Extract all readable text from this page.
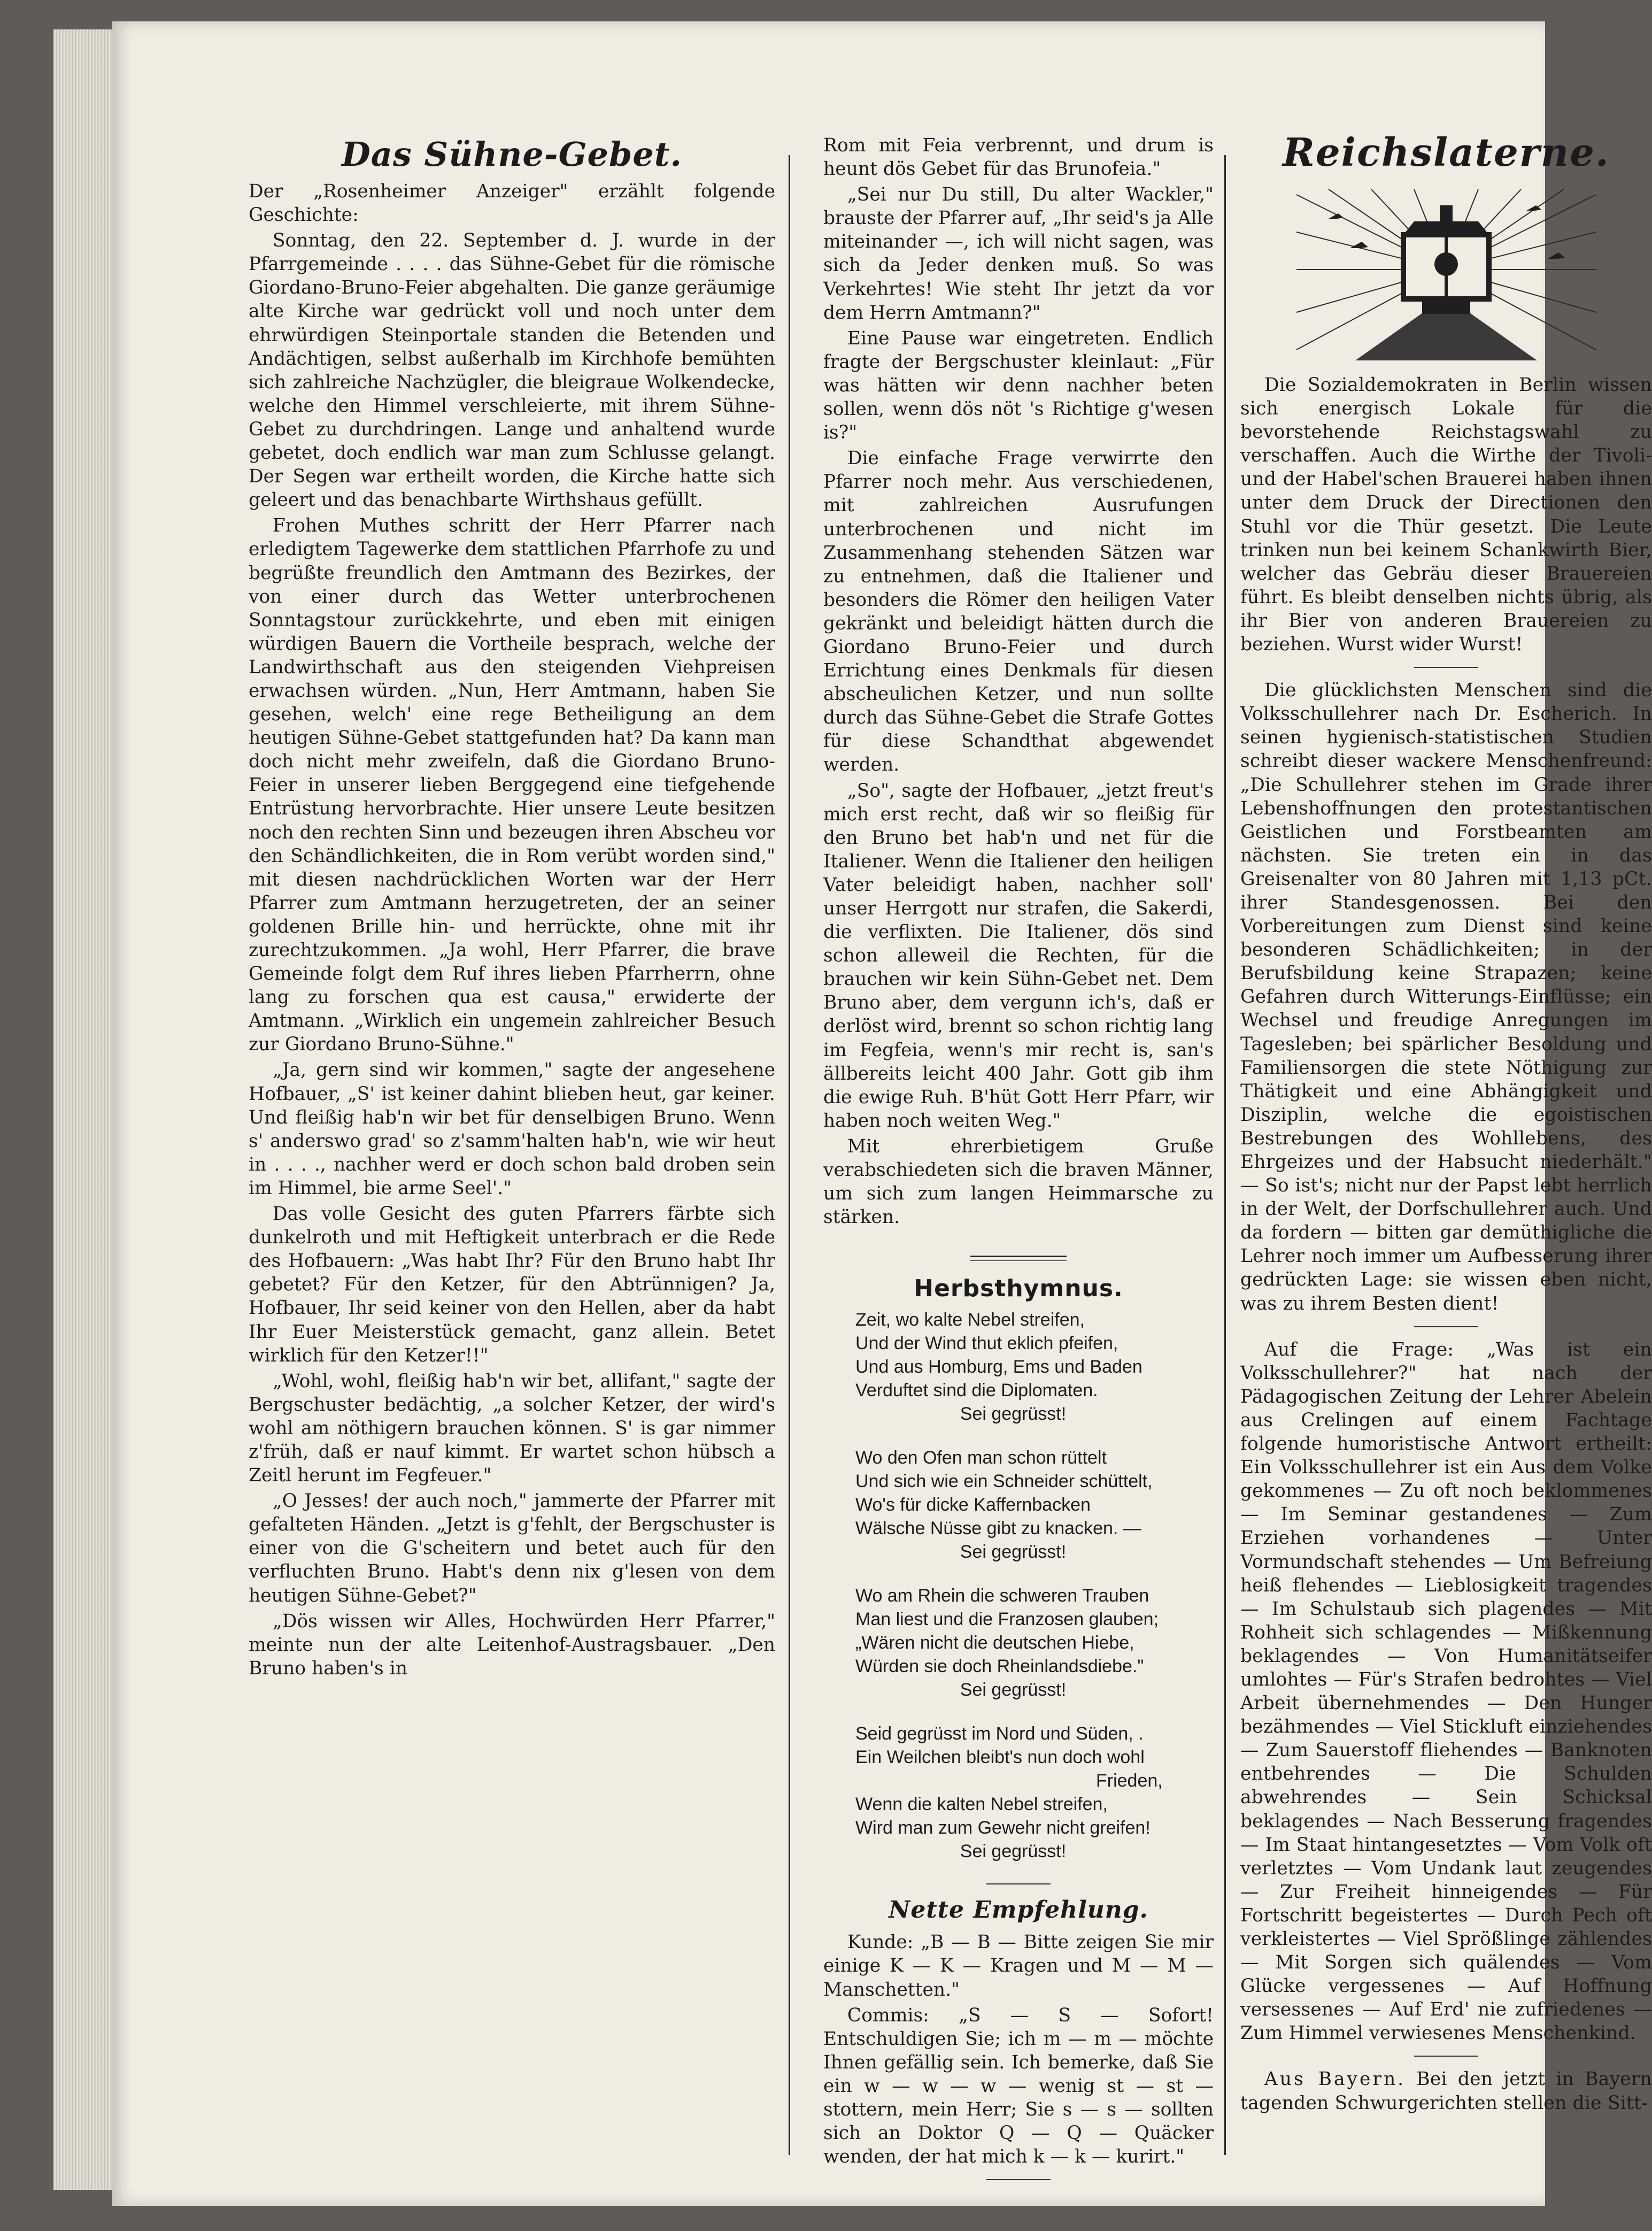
Das Sühne-Gebet.

Der „Rosenheimer Anzeiger" erzählt folgende Geschichte:

Sonntag, den 22. September d. J. wurde in der Pfarrgemeinde . . . . das Sühne-Gebet für die römische Giordano-Bruno-Feier abgehalten. Die ganze geräumige alte Kirche war gedrückt voll und noch unter dem ehrwürdigen Steinportale standen die Betenden und Andächtigen, selbst außerhalb im Kirchhofe bemühten sich zahlreiche Nachzügler, die bleigraue Wolkendecke, welche den Himmel verschleierte, mit ihrem Sühne-Gebet zu durchdringen. Lange und anhaltend wurde gebetet, doch endlich war man zum Schlusse gelangt. Der Segen war ertheilt worden, die Kirche hatte sich geleert und das benachbarte Wirthshaus gefüllt.

Frohen Muthes schritt der Herr Pfarrer nach erledigtem Tagewerke dem stattlichen Pfarrhofe zu und begrüßte freundlich den Amtmann des Bezirkes, der von einer durch das Wetter unterbrochenen Sonntagstour zurückkehrte, und eben mit einigen würdigen Bauern die Vortheile besprach, welche der Landwirthschaft aus den steigenden Viehpreisen erwachsen würden. „Nun, Herr Amtmann, haben Sie gesehen, welch' eine rege Betheiligung an dem heutigen Sühne-Gebet stattgefunden hat? Da kann man doch nicht mehr zweifeln, daß die Giordano Bruno-Feier in unserer lieben Berggegend eine tiefgehende Entrüstung hervorbrachte. Hier unsere Leute besitzen noch den rechten Sinn und bezeugen ihren Abscheu vor den Schändlichkeiten, die in Rom verübt worden sind," mit diesen nachdrücklichen Worten war der Herr Pfarrer zum Amtmann herzugetreten, der an seiner goldenen Brille hin- und herrückte, ohne mit ihr zurechtzukommen. „Ja wohl, Herr Pfarrer, die brave Gemeinde folgt dem Ruf ihres lieben Pfarrherrn, ohne lang zu forschen qua est causa," erwiderte der Amtmann. „Wirklich ein ungemein zahlreicher Besuch zur Giordano Bruno-Sühne."

„Ja, gern sind wir kommen," sagte der angesehene Hofbauer, „S' ist keiner dahint blieben heut, gar keiner. Und fleißig hab'n wir bet für denselbigen Bruno. Wenn s' anderswo grad' so z'samm'halten hab'n, wie wir heut in . . . ., nachher werd er doch schon bald droben sein im Himmel, bie arme Seel'."

Das volle Gesicht des guten Pfarrers färbte sich dunkelroth und mit Heftigkeit unterbrach er die Rede des Hofbauern: „Was habt Ihr? Für den Bruno habt Ihr gebetet? Für den Ketzer, für den Abtrünnigen? Ja, Hofbauer, Ihr seid keiner von den Hellen, aber da habt Ihr Euer Meisterstück gemacht, ganz allein. Betet wirklich für den Ketzer!!"

„Wohl, wohl, fleißig hab'n wir bet, allifant," sagte der Bergschuster bedächtig, „a solcher Ketzer, der wird's wohl am nöthigern brauchen können. S' is gar nimmer z'früh, daß er nauf kimmt. Er wartet schon hübsch a Zeitl herunt im Fegfeuer."

„O Jesses! der auch noch," jammerte der Pfarrer mit gefalteten Händen. „Jetzt is g'fehlt, der Bergschuster is einer von die G'scheitern und betet auch für den verfluchten Bruno. Habt's denn nix g'lesen von dem heutigen Sühne-Gebet?"

„Dös wissen wir Alles, Hochwürden Herr Pfarrer," meinte nun der alte Leitenhof-Austragsbauer. „Den Bruno haben's in

Rom mit Feia verbrennt, und drum is heunt dös Gebet für das Brunofeia."

„Sei nur Du still, Du alter Wackler," brauste der Pfarrer auf, „Ihr seid's ja Alle miteinander —, ich will nicht sagen, was sich da Jeder denken muß. So was Verkehrtes! Wie steht Ihr jetzt da vor dem Herrn Amtmann?"

Eine Pause war eingetreten. Endlich fragte der Bergschuster kleinlaut: „Für was hätten wir denn nachher beten sollen, wenn dös nöt 's Richtige g'wesen is?"

Die einfache Frage verwirrte den Pfarrer noch mehr. Aus verschiedenen, mit zahlreichen Ausrufungen unterbrochenen und nicht im Zusammenhang stehenden Sätzen war zu entnehmen, daß die Italiener und besonders die Römer den heiligen Vater gekränkt und beleidigt hätten durch die Giordano Bruno-Feier und durch Errichtung eines Denkmals für diesen abscheulichen Ketzer, und nun sollte durch das Sühne-Gebet die Strafe Gottes für diese Schandthat abgewendet werden.

„So", sagte der Hofbauer, „jetzt freut's mich erst recht, daß wir so fleißig für den Bruno bet hab'n und net für die Italiener. Wenn die Italiener den heiligen Vater beleidigt haben, nachher soll' unser Herrgott nur strafen, die Sakerdi, die verflixten. Die Italiener, dös sind schon alleweil die Rechten, für die brauchen wir kein Sühn-Gebet net. Dem Bruno aber, dem vergunn ich's, daß er derlöst wird, brennt so schon richtig lang im Fegfeia, wenn's mir recht is, san's ällbereits leicht 400 Jahr. Gott gib ihm die ewige Ruh. B'hüt Gott Herr Pfarr, wir haben noch weiten Weg."

Mit ehrerbietigem Gruße verabschiedeten sich die braven Männer, um sich zum langen Heimmarsche zu stärken.

Herbsthymnus.
Zeit, wo kalte Nebel streifen,
Und der Wind thut eklich pfeifen,
Und aus Homburg, Ems und Baden
Verduftet sind die Diplomaten.
Sei gegrüsst!
Wo den Ofen man schon rüttelt
Und sich wie ein Schneider schüttelt,
Wo's für dicke Kaffernbacken
Wälsche Nüsse gibt zu knacken. —
Sei gegrüsst!
Wo am Rhein die schweren Trauben
Man liest und die Franzosen glauben;
„Wären nicht die deutschen Hiebe,
Würden sie doch Rheinlandsdiebe."
Sei gegrüsst!
Seid gegrüsst im Nord und Süden, .
Ein Weilchen bleibt's nun doch wohl
Frieden,
Wenn die kalten Nebel streifen,
Wird man zum Gewehr nicht greifen!
Sei gegrüsst!
Nette Empfehlung.

Kunde: „B — B — Bitte zeigen Sie mir einige K — K — Kragen und M — M — Manschetten."

Commis: „S — S — Sofort! Entschuldigen Sie; ich m — m — möchte Ihnen gefällig sein. Ich bemerke, daß Sie ein w — w — w — wenig st — st — stottern, mein Herr; Sie s — s — sollten sich an Doktor Q — Q — Quäcker wenden, der hat mich k — k — kurirt."

Reichslaterne.

Die Sozialdemokraten in Berlin wissen sich energisch Lokale für die bevorstehende Reichstagswahl zu verschaffen. Auch die Wirthe der Tivoli- und der Habel'schen Brauerei haben ihnen unter dem Druck der Directionen den Stuhl vor die Thür gesetzt. Die Leute trinken nun bei keinem Schankwirth Bier, welcher das Gebräu dieser Brauereien führt. Es bleibt denselben nichts übrig, als ihr Bier von anderen Brauereien zu beziehen. Wurst wider Wurst!

Die glücklichsten Menschen sind die Volksschullehrer nach Dr. Escherich. In seinen hygienisch-statistischen Studien schreibt dieser wackere Menschenfreund: „Die Schullehrer stehen im Grade ihrer Lebenshoffnungen den protestantischen Geistlichen und Forstbeamten am nächsten. Sie treten ein in das Greisenalter von 80 Jahren mit 1,13 pCt. ihrer Standesgenossen. Bei den Vorbereitungen zum Dienst sind keine besonderen Schädlichkeiten; in der Berufsbildung keine Strapazen; keine Gefahren durch Witterungs-Einflüsse; ein Wechsel und freudige Anregungen im Tagesleben; bei spärlicher Besoldung und Familiensorgen die stete Nöthigung zur Thätigkeit und eine Abhängigkeit und Disziplin, welche die egoistischen Bestrebungen des Wohllebens, des Ehrgeizes und der Habsucht niederhält." — So ist's; nicht nur der Papst lebt herrlich in der Welt, der Dorfschullehrer auch. Und da fordern — bitten gar demüthigliche die Lehrer noch immer um Aufbesserung ihrer gedrückten Lage: sie wissen eben nicht, was zu ihrem Besten dient!

Auf die Frage: „Was ist ein Volksschullehrer?" hat nach der Pädagogischen Zeitung der Lehrer Abelein aus Crelingen auf einem Fachtage folgende humoristische Antwort ertheilt: Ein Volksschullehrer ist ein Aus dem Volke gekommenes — Zu oft noch beklommenes — Im Seminar gestandenes — Zum Erziehen vorhandenes — Unter Vormundschaft stehendes — Um Befreiung heiß flehendes — Lieblosigkeit tragendes — Im Schulstaub sich plagendes — Mit Rohheit sich schlagendes — Mißkennung beklagendes — Von Humanitätseifer umlohtes — Für's Strafen bedrohtes — Viel Arbeit übernehmendes — Den Hunger bezähmendes — Viel Stickluft einziehendes — Zum Sauerstoff fliehendes — Banknoten entbehrendes — Die Schulden abwehrendes — Sein Schicksal beklagendes — Nach Besserung fragendes — Im Staat hintangesetztes — Vom Volk oft verletztes — Vom Undank laut zeugendes — Zur Freiheit hinneigendes — Für Fortschritt begeistertes — Durch Pech oft verkleistertes — Viel Sprößlinge zählendes — Mit Sorgen sich quälendes — Vom Glücke vergessenes — Auf Hoffnung versessenes — Auf Erd' nie zufriedenes — Zum Himmel verwiesenes Menschenkind.

Aus Bayern. Bei den jetzt in Bayern tagenden Schwurgerichten stellen die Sitt-
